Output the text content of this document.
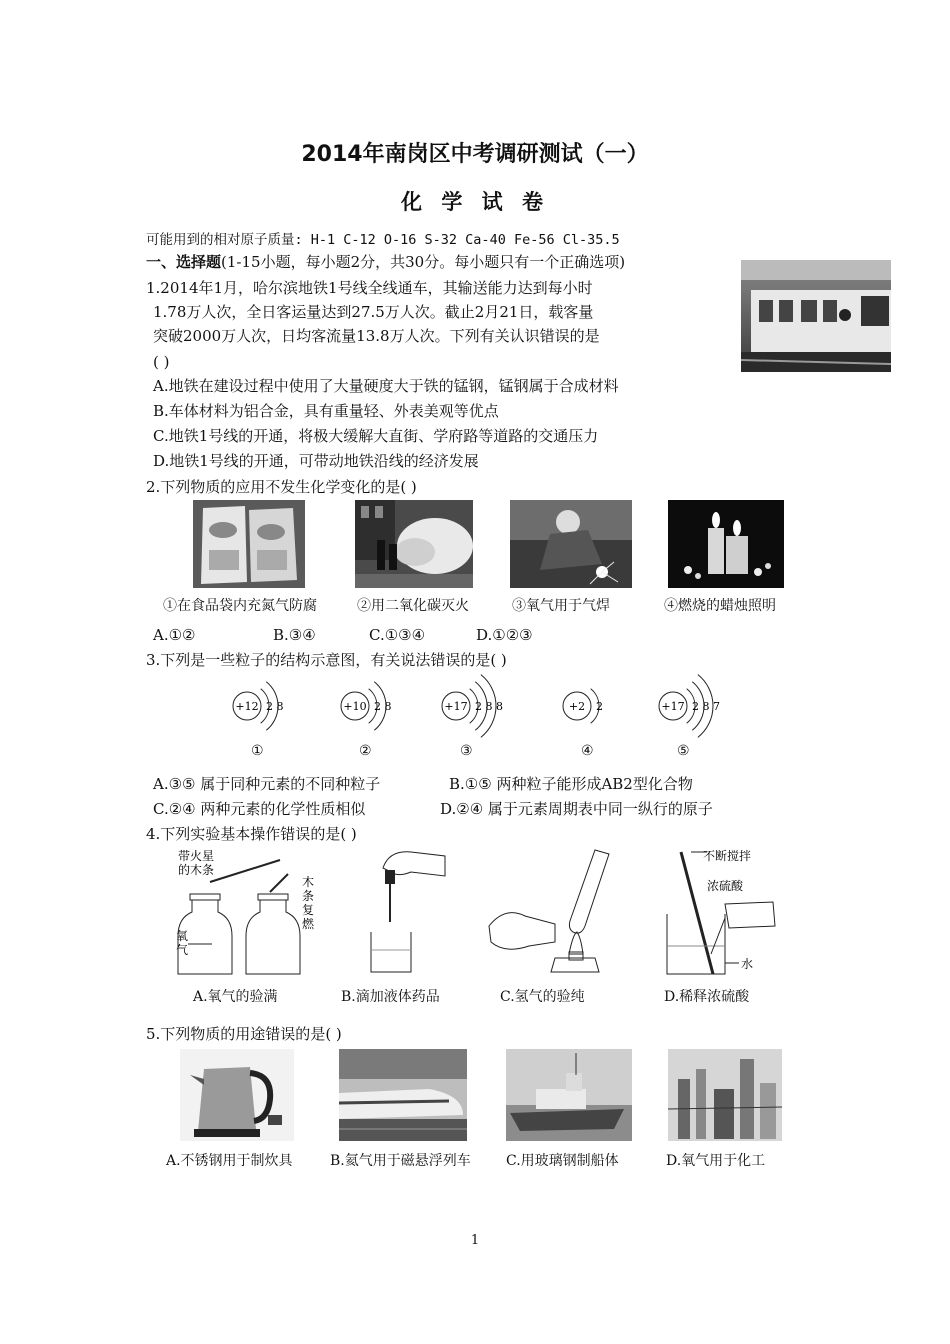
2014年南岗区中考调研测试（一）
化 学 试 卷
可能用到的相对原子质量: H-1 C-12 O-16 S-32 Ca-40 Fe-56 Cl-35.5
一、选择题(1-15小题，每小题2分，共30分。每小题只有一个正确选项)
1.2014年1月，哈尔滨地铁1号线全线通车，其输送能力达到每小时
1.78万人次，全日客运量达到27.5万人次。截止2月21日，载客量
突破2000万人次，日均客流量13.8万人次。下列有关认识错误的是
( )
A.地铁在建设过程中使用了大量硬度大于铁的锰钢，锰钢属于合成材料
B.车体材料为铝合金，具有重量轻、外表美观等优点
C.地铁1号线的开通，将极大缓解大直街、学府路等道路的交通压力
D.地铁1号线的开通，可带动地铁沿线的经济发展
2.下列物质的应用不发生化学变化的是( )
①在食品袋内充氮气防腐	②用二氧化碳灭火	③氧气用于气焊	④燃烧的蜡烛照明
A.①②	B.③④	C.①③④	D.①②③
3.下列是一些粒子的结构示意图，有关说法错误的是( )
+12 2 8
①
+10 2 8
②
+17 2 8 8
③
+2 2
④
+17 2 8 7
⑤
A.③⑤ 属于同种元素的不同种粒子	B.①⑤ 两种粒子能形成AB2型化合物
C.②④ 两种元素的化学性质相似	D.②④ 属于元素周期表中同一纵行的原子
4.下列实验基本操作错误的是( )
带火星
的木条
氧
气
木
条
复
燃
不断搅拌
浓硫酸
水
A.氧气的验满	B.滴加液体药品	C.氢气的验纯	D.稀释浓硫酸
5.下列物质的用途错误的是( )
A.不锈钢用于制炊具	B.氦气用于磁悬浮列车	C.用玻璃钢制船体	D.氧气用于化工
1
